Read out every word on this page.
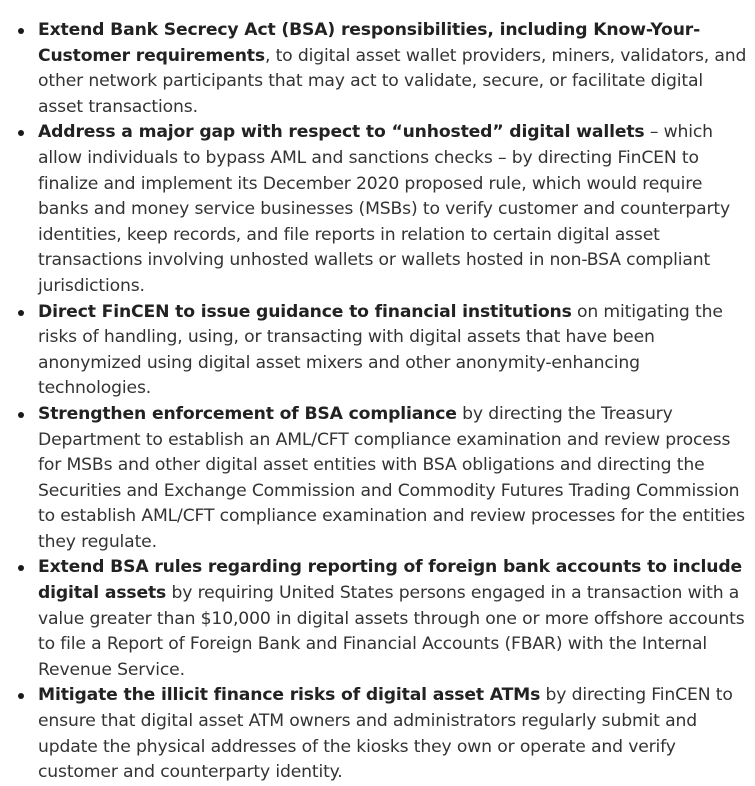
Extend Bank Secrecy Act (BSA) responsibilities, including Know-Your-Customer requirements, to digital asset wallet providers, miners, validators, and other network participants that may act to validate, secure, or facilitate digital asset transactions.
Address a major gap with respect to “unhosted” digital wallets – which allow individuals to bypass AML and sanctions checks – by directing FinCEN to finalize and implement its December 2020 proposed rule, which would require banks and money service businesses (MSBs) to verify customer and counterparty identities, keep records, and file reports in relation to certain digital asset transactions involving unhosted wallets or wallets hosted in non-BSA compliant jurisdictions.
Direct FinCEN to issue guidance to financial institutions on mitigating the risks of handling, using, or transacting with digital assets that have been anonymized using digital asset mixers and other anonymity-enhancing technologies.
Strengthen enforcement of BSA compliance by directing the Treasury Department to establish an AML/CFT compliance examination and review process for MSBs and other digital asset entities with BSA obligations and directing the Securities and Exchange Commission and Commodity Futures Trading Commission to establish AML/CFT compliance examination and review processes for the entities they regulate.
Extend BSA rules regarding reporting of foreign bank accounts to include digital assets by requiring United States persons engaged in a transaction with a value greater than $10,000 in digital assets through one or more offshore accounts to file a Report of Foreign Bank and Financial Accounts (FBAR) with the Internal Revenue Service.
Mitigate the illicit finance risks of digital asset ATMs by directing FinCEN to ensure that digital asset ATM owners and administrators regularly submit and update the physical addresses of the kiosks they own or operate and verify customer and counterparty identity.
